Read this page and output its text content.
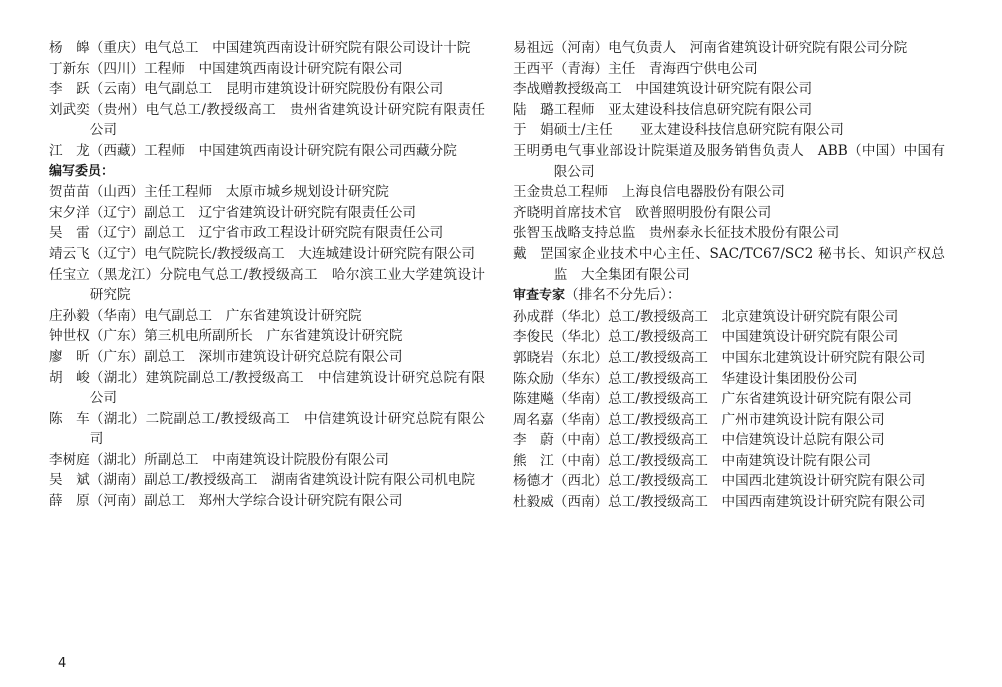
杨　皞 （重庆）电气总工　中国建筑西南设计研究院有限公司设计十院
丁新东 （四川）工程师　中国建筑西南设计研究院有限公司
李　跃 （云南）电气副总工　昆明市建筑设计研究院股份有限公司
刘武奕 （贵州）电气总工/教授级高工　贵州省建筑设计研究院有限责任公司
江　龙 （西藏）工程师　中国建筑西南设计研究院有限公司西藏分院
编写委员：
贺苗苗 （山西）主任工程师　太原市城乡规划设计研究院
宋夕洋 （辽宁）副总工　辽宁省建筑设计研究院有限责任公司
吴　雷 （辽宁）副总工　辽宁省市政工程设计研究院有限责任公司
靖云飞 （辽宁）电气院院长/教授级高工　大连城建设计研究院有限公司
任宝立 （黑龙江）分院电气总工/教授级高工　哈尔滨工业大学建筑设计研究院
庄孙毅 （华南）电气副总工　广东省建筑设计研究院
钟世权 （广东）第三机电所副所长　广东省建筑设计研究院
廖　昕 （广东）副总工　深圳市建筑设计研究总院有限公司
胡　峻 （湖北）建筑院副总工/教授级高工　中信建筑设计研究总院有限公司
陈　车 （湖北）二院副总工/教授级高工　中信建筑设计研究总院有限公司
李树庭 （湖北）所副总工　中南建筑设计院股份有限公司
吴　斌 （湖南）副总工/教授级高工　湖南省建筑设计院有限公司机电院
薛　原 （河南）副总工　郑州大学综合设计研究院有限公司
易祖远 （河南）电气负责人　河南省建筑设计研究院有限公司分院
王西平 （青海）主任　青海西宁供电公司
李战赠 教授级高工　中国建筑设计研究院有限公司
陆　璐 工程师　亚太建设科技信息研究院有限公司
于　娟 硕士/主任　　亚太建设科技信息研究院有限公司
王明勇 电气事业部设计院渠道及服务销售负责人　ABB（中国）中国有限公司
王金贵 总工程师　上海良信电器股份有限公司
齐晓明 首席技术官　欧普照明股份有限公司
张智玉 战略支持总监　贵州泰永长征技术股份有限公司
戴　罡 国家企业技术中心主任、SAC/TC67/SC2 秘书长、知识产权总监　大全集团有限公司
审查专家（排名不分先后）：
孙成群 （华北）总工/教授级高工　北京建筑设计研究院有限公司
李俊民 （华北）总工/教授级高工　中国建筑设计研究院有限公司
郭晓岩 （东北）总工/教授级高工　中国东北建筑设计研究院有限公司
陈众励 （华东）总工/教授级高工　华建设计集团股份公司
陈建飚 （华南）总工/教授级高工　广东省建筑设计研究院有限公司
周名嘉 （华南）总工/教授级高工　广州市建筑设计院有限公司
李　蔚 （中南）总工/教授级高工　中信建筑设计总院有限公司
熊　江 （中南）总工/教授级高工　中南建筑设计院有限公司
杨德才 （西北）总工/教授级高工　中国西北建筑设计研究院有限公司
杜毅威 （西南）总工/教授级高工　中国西南建筑设计研究院有限公司
4
